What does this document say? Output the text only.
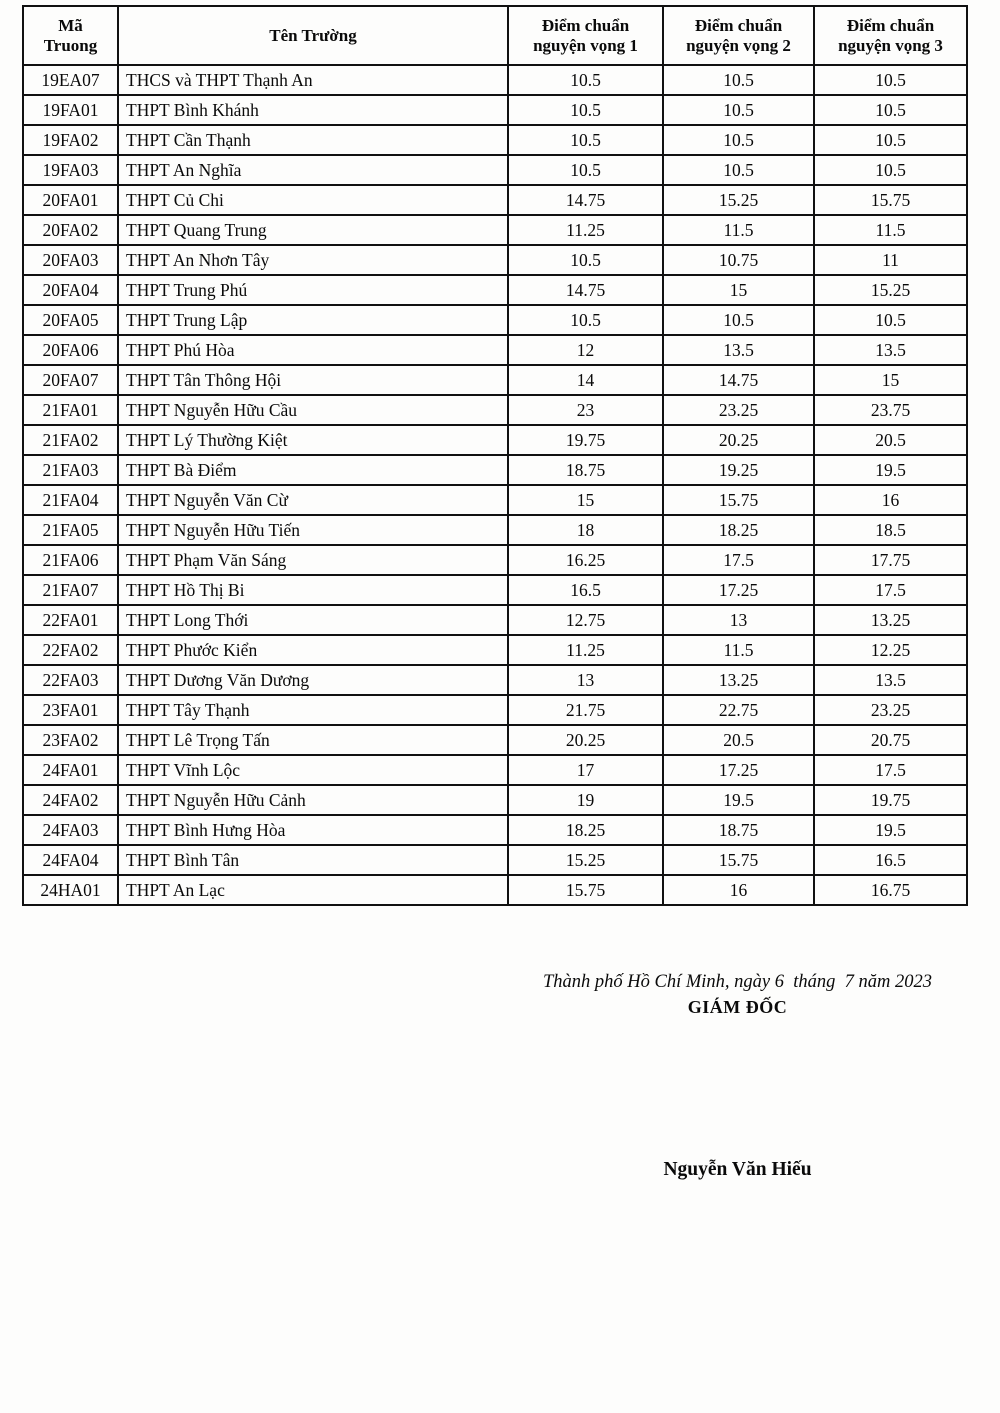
Mã Truong	Tên Trường	Điểm chuẩn nguyện vọng 1	Điểm chuẩn nguyện vọng 2	Điểm chuẩn nguyện vọng 3
19EA07	THCS và THPT Thạnh An	10.5	10.5	10.5
19FA01	THPT Bình Khánh	10.5	10.5	10.5
19FA02	THPT Cần Thạnh	10.5	10.5	10.5
19FA03	THPT An Nghĩa	10.5	10.5	10.5
20FA01	THPT Củ Chi	14.75	15.25	15.75
20FA02	THPT Quang Trung	11.25	11.5	11.5
20FA03	THPT An Nhơn Tây	10.5	10.75	11
20FA04	THPT Trung Phú	14.75	15	15.25
20FA05	THPT Trung Lập	10.5	10.5	10.5
20FA06	THPT Phú Hòa	12	13.5	13.5
20FA07	THPT Tân Thông Hội	14	14.75	15
21FA01	THPT Nguyễn Hữu Cầu	23	23.25	23.75
21FA02	THPT Lý Thường Kiệt	19.75	20.25	20.5
21FA03	THPT Bà Điểm	18.75	19.25	19.5
21FA04	THPT Nguyễn Văn Cừ	15	15.75	16
21FA05	THPT Nguyễn Hữu Tiến	18	18.25	18.5
21FA06	THPT Phạm Văn Sáng	16.25	17.5	17.75
21FA07	THPT Hồ Thị Bi	16.5	17.25	17.5
22FA01	THPT Long Thới	12.75	13	13.25
22FA02	THPT Phước Kiển	11.25	11.5	12.25
22FA03	THPT Dương Văn Dương	13	13.25	13.5
23FA01	THPT Tây Thạnh	21.75	22.75	23.25
23FA02	THPT Lê Trọng Tấn	20.25	20.5	20.75
24FA01	THPT Vĩnh Lộc	17	17.25	17.5
24FA02	THPT Nguyễn Hữu Cảnh	19	19.5	19.75
24FA03	THPT Bình Hưng Hòa	18.25	18.75	19.5
24FA04	THPT Bình Tân	15.25	15.75	16.5
24HA01	THPT An Lạc	15.75	16	16.75
Thành phố Hồ Chí Minh, ngày 6  tháng  7 năm 2023
GIÁM ĐỐC
Nguyễn Văn Hiếu
